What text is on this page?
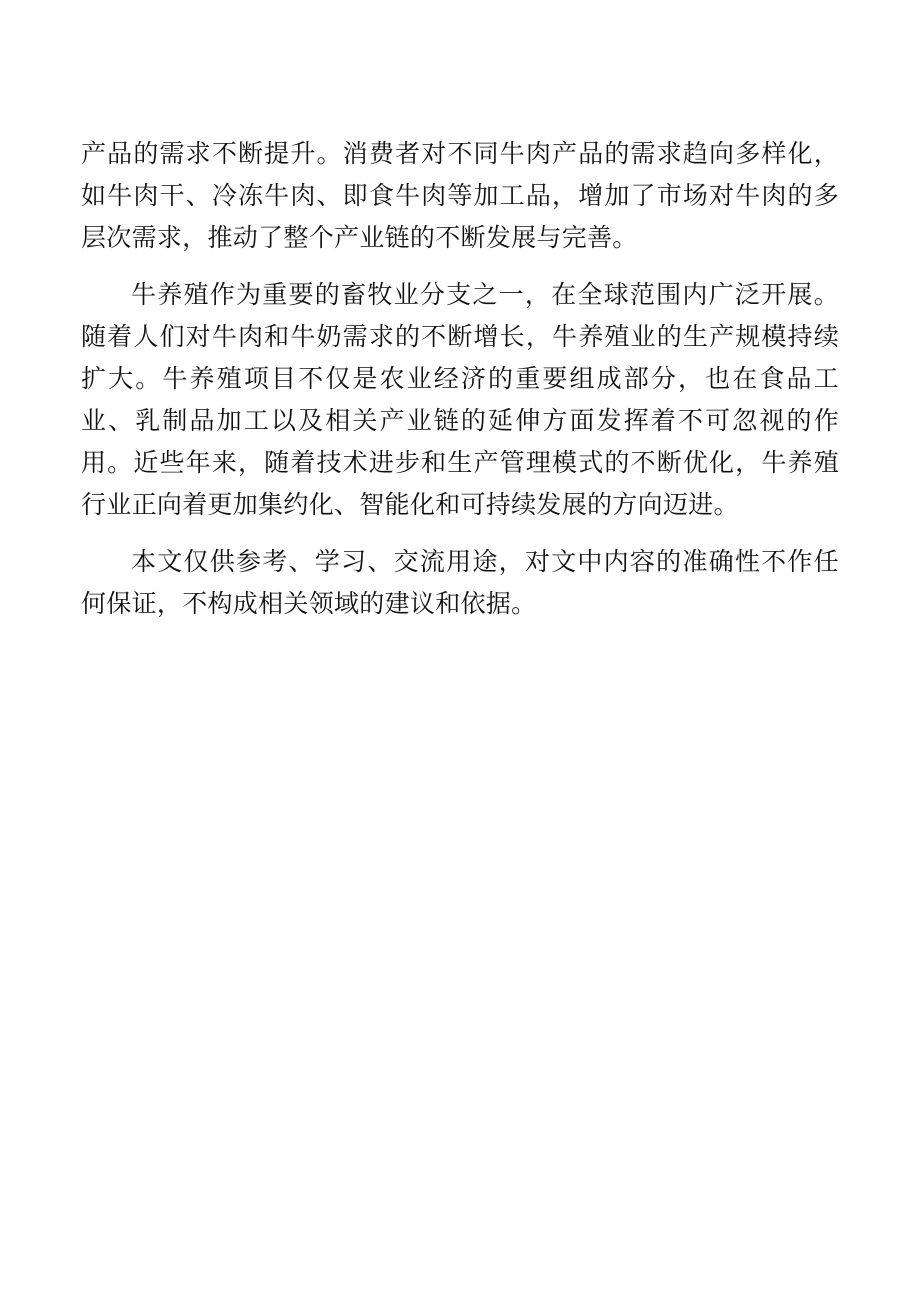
产品的需求不断提升。消费者对不同牛肉产品的需求趋向多样化，如牛肉干、冷冻牛肉、即食牛肉等加工品，增加了市场对牛肉的多层次需求，推动了整个产业链的不断发展与完善。

牛养殖作为重要的畜牧业分支之一，在全球范围内广泛开展。随着人们对牛肉和牛奶需求的不断增长，牛养殖业的生产规模持续扩大。牛养殖项目不仅是农业经济的重要组成部分，也在食品工业、乳制品加工以及相关产业链的延伸方面发挥着不可忽视的作用。近些年来，随着技术进步和生产管理模式的不断优化，牛养殖行业正向着更加集约化、智能化和可持续发展的方向迈进。

本文仅供参考、学习、交流用途，对文中内容的准确性不作任何保证，不构成相关领域的建议和依据。
